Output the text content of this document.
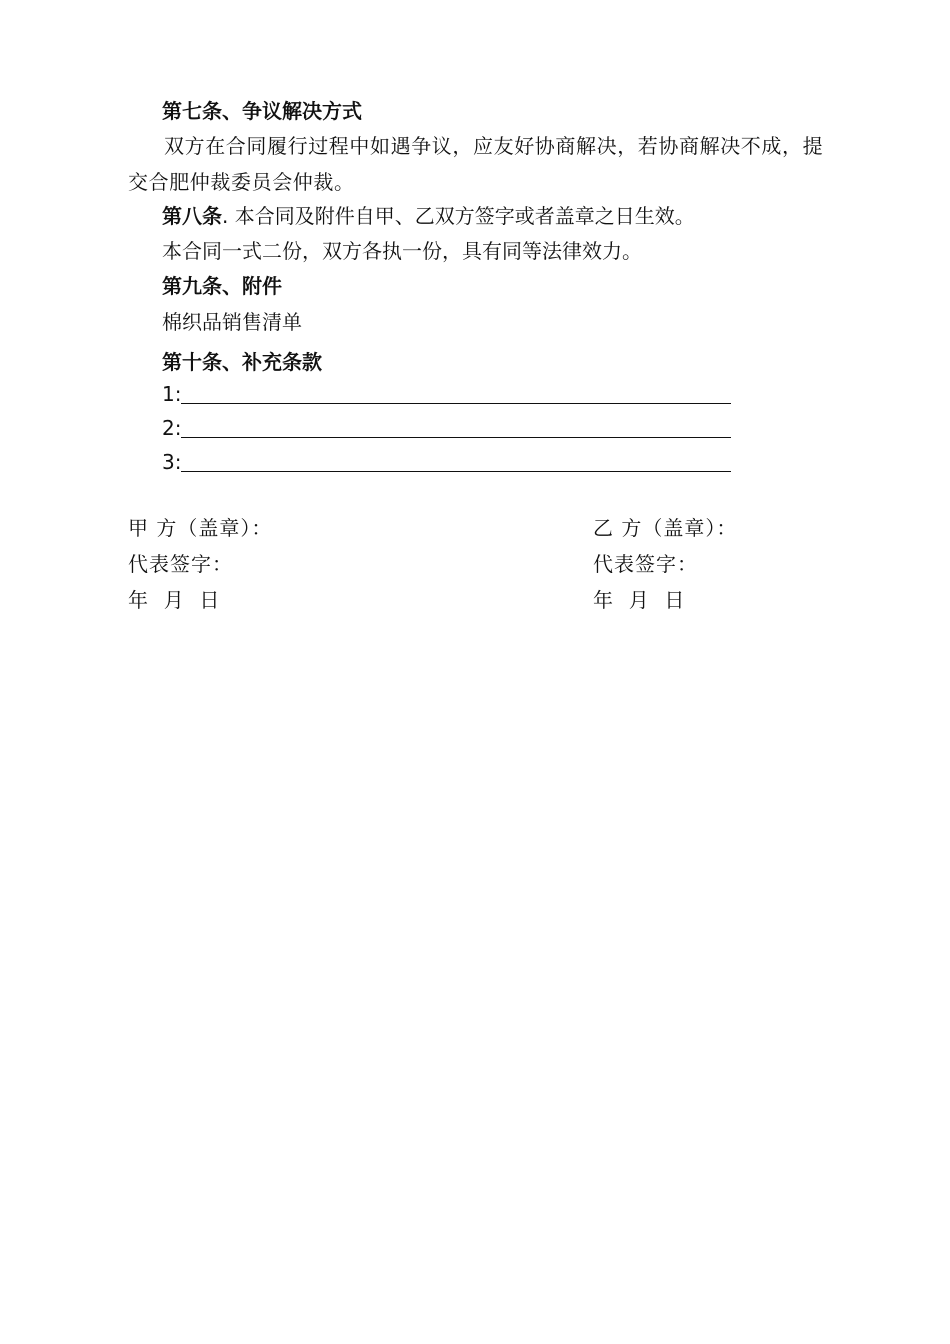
第七条、争议解决方式
双方在合同履行过程中如遇争议，应友好协商解决，若协商解决不成，提交合肥仲裁委员会仲裁。
第八条. 本合同及附件自甲、乙双方签字或者盖章之日生效。
本合同一式二份，双方各执一份，具有同等法律效力。
第九条、附件
棉织品销售清单
第十条、补充条款
1:
2:
3:
甲 方（盖章）：
代表签字：
年  月  日
乙 方（盖章）：
代表签字：
年  月  日
